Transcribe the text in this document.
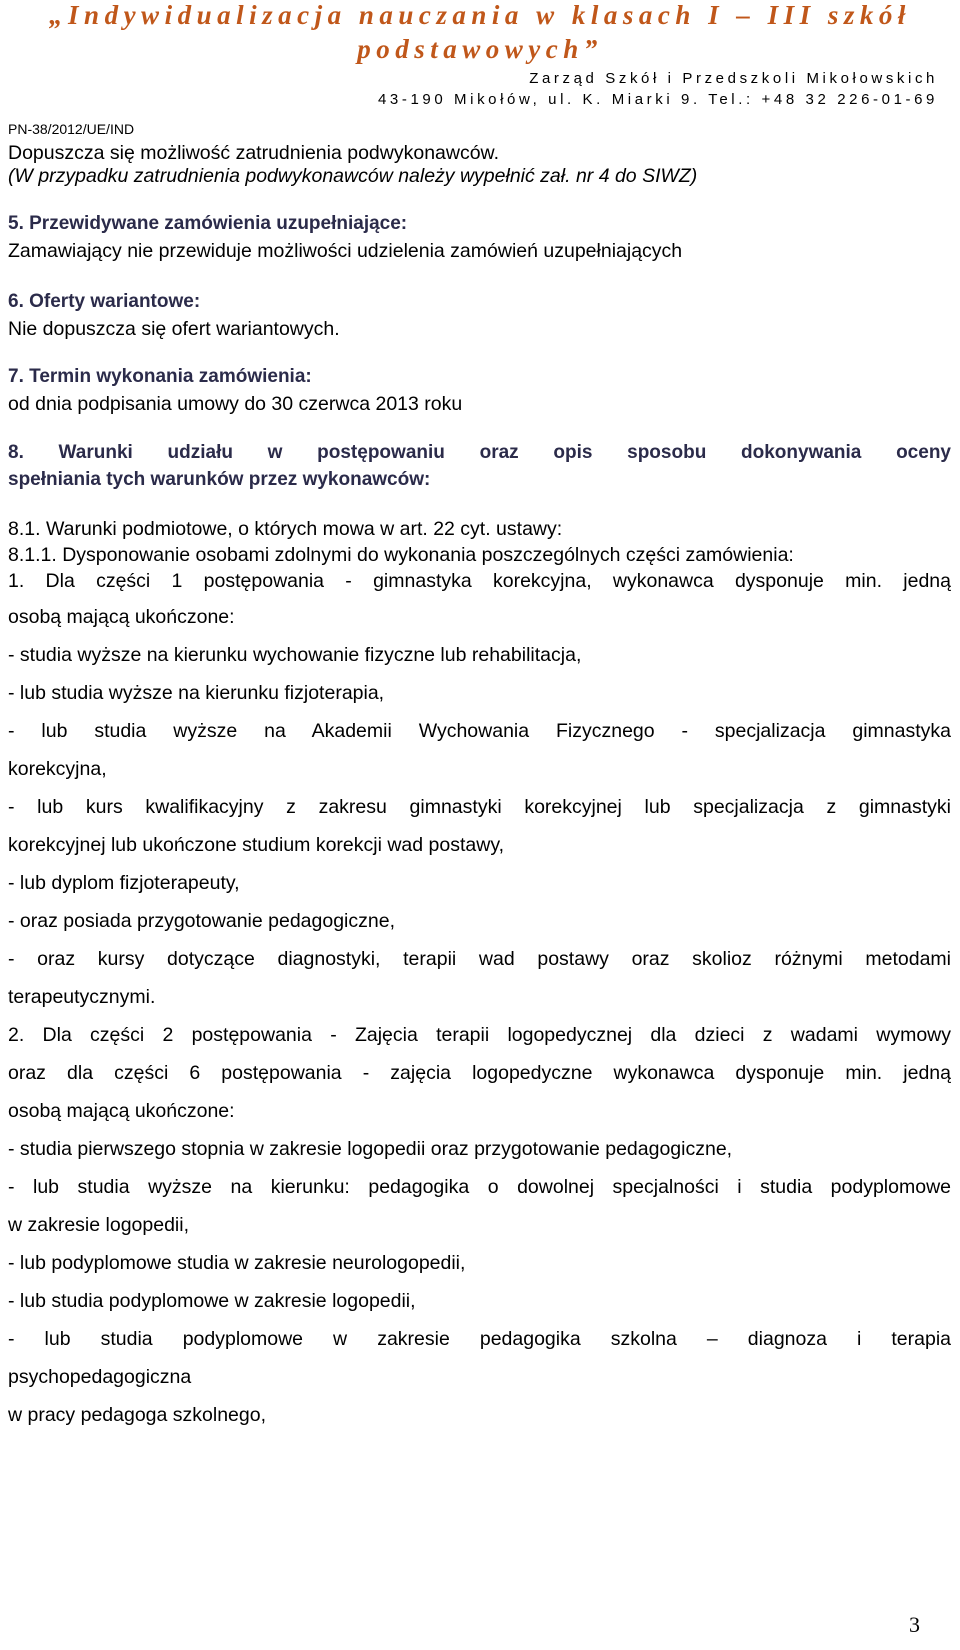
„Indywidualizacja nauczania w klasach I – III szkół
podstawowych”
Zarząd Szkół i Przedszkoli Mikołowskich
43-190 Mikołów, ul. K. Miarki 9. Tel.: +48 32 226-01-69
PN-38/2012/UE/IND
Dopuszcza się możliwość zatrudnienia podwykonawców.
(W przypadku zatrudnienia podwykonawców należy wypełnić zał. nr 4 do SIWZ)
5. Przewidywane zamówienia uzupełniające:
Zamawiający nie przewiduje możliwości udzielenia zamówień uzupełniających
6. Oferty wariantowe:
Nie dopuszcza się ofert wariantowych.
7. Termin wykonania zamówienia:
od dnia podpisania umowy do 30 czerwca 2013 roku
8. Warunki udziału w postępowaniu oraz opis sposobu dokonywania oceny
spełniania tych warunków przez wykonawców:
8.1. Warunki podmiotowe, o których mowa w art. 22 cyt. ustawy:
8.1.1. Dysponowanie osobami zdolnymi do wykonania poszczególnych części zamówienia:
1. Dla części 1 postępowania - gimnastyka korekcyjna, wykonawca dysponuje min. jedną
osobą mającą ukończone:
- studia wyższe na kierunku wychowanie fizyczne lub rehabilitacja,
- lub studia wyższe na kierunku fizjoterapia,
- lub studia wyższe na Akademii Wychowania Fizycznego - specjalizacja gimnastyka
korekcyjna,
- lub kurs kwalifikacyjny z zakresu gimnastyki korekcyjnej lub specjalizacja z gimnastyki
korekcyjnej lub ukończone studium korekcji wad postawy,
- lub dyplom fizjoterapeuty,
- oraz posiada przygotowanie pedagogiczne,
- oraz kursy dotyczące diagnostyki, terapii wad postawy oraz skolioz różnymi metodami
terapeutycznymi.
2. Dla części 2 postępowania - Zajęcia terapii logopedycznej dla dzieci z wadami wymowy
oraz dla części 6 postępowania - zajęcia logopedyczne wykonawca dysponuje min. jedną
osobą mającą ukończone:
- studia pierwszego stopnia w zakresie logopedii oraz przygotowanie pedagogiczne,
- lub studia wyższe na kierunku: pedagogika o dowolnej specjalności i studia podyplomowe
w zakresie logopedii,
- lub podyplomowe studia w zakresie neurologopedii,
- lub studia podyplomowe w zakresie logopedii,
- lub studia podyplomowe w zakresie pedagogika szkolna – diagnoza i terapia
psychopedagogiczna
w pracy pedagoga szkolnego,
3
